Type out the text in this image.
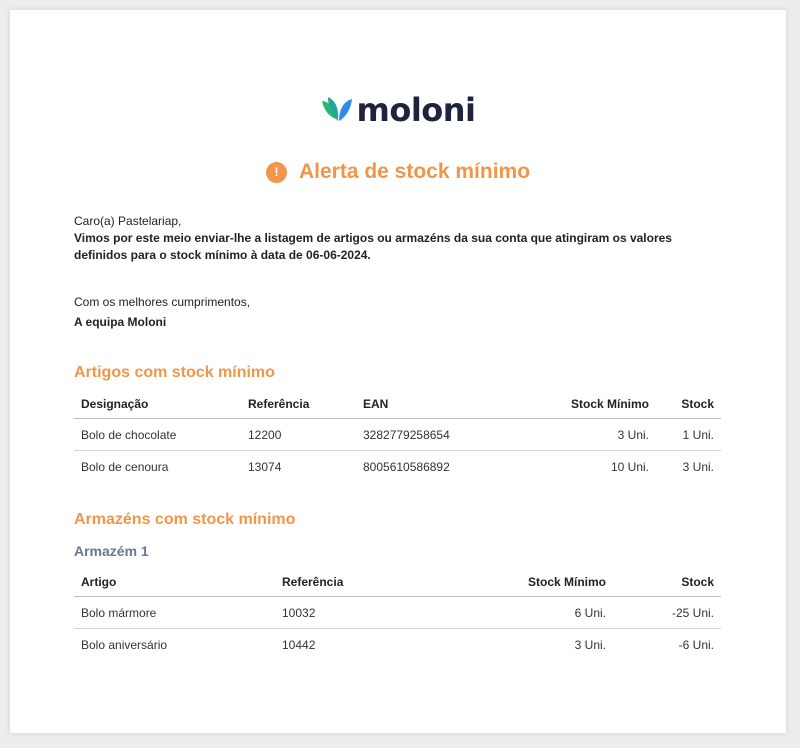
moloni
! Alerta de stock mínimo
Caro(a) Pastelariap,
Vimos por este meio enviar-lhe a listagem de artigos ou armazéns da sua conta que atingiram os valores definidos para o stock mínimo à data de 06-06-2024.
Com os melhores cumprimentos,
A equipa Moloni
Artigos com stock mínimo
Designação	Referência	EAN	Stock Mínimo	Stock
Bolo de chocolate	12200	3282779258654	3 Uni.	1 Uni.
Bolo de cenoura	13074	8005610586892	10 Uni.	3 Uni.
Armazéns com stock mínimo
Armazém 1
Artigo	Referência	Stock Mínimo	Stock
Bolo mármore	10032	6 Uni.	-25 Uni.
Bolo aniversário	10442	3 Uni.	-6 Uni.
